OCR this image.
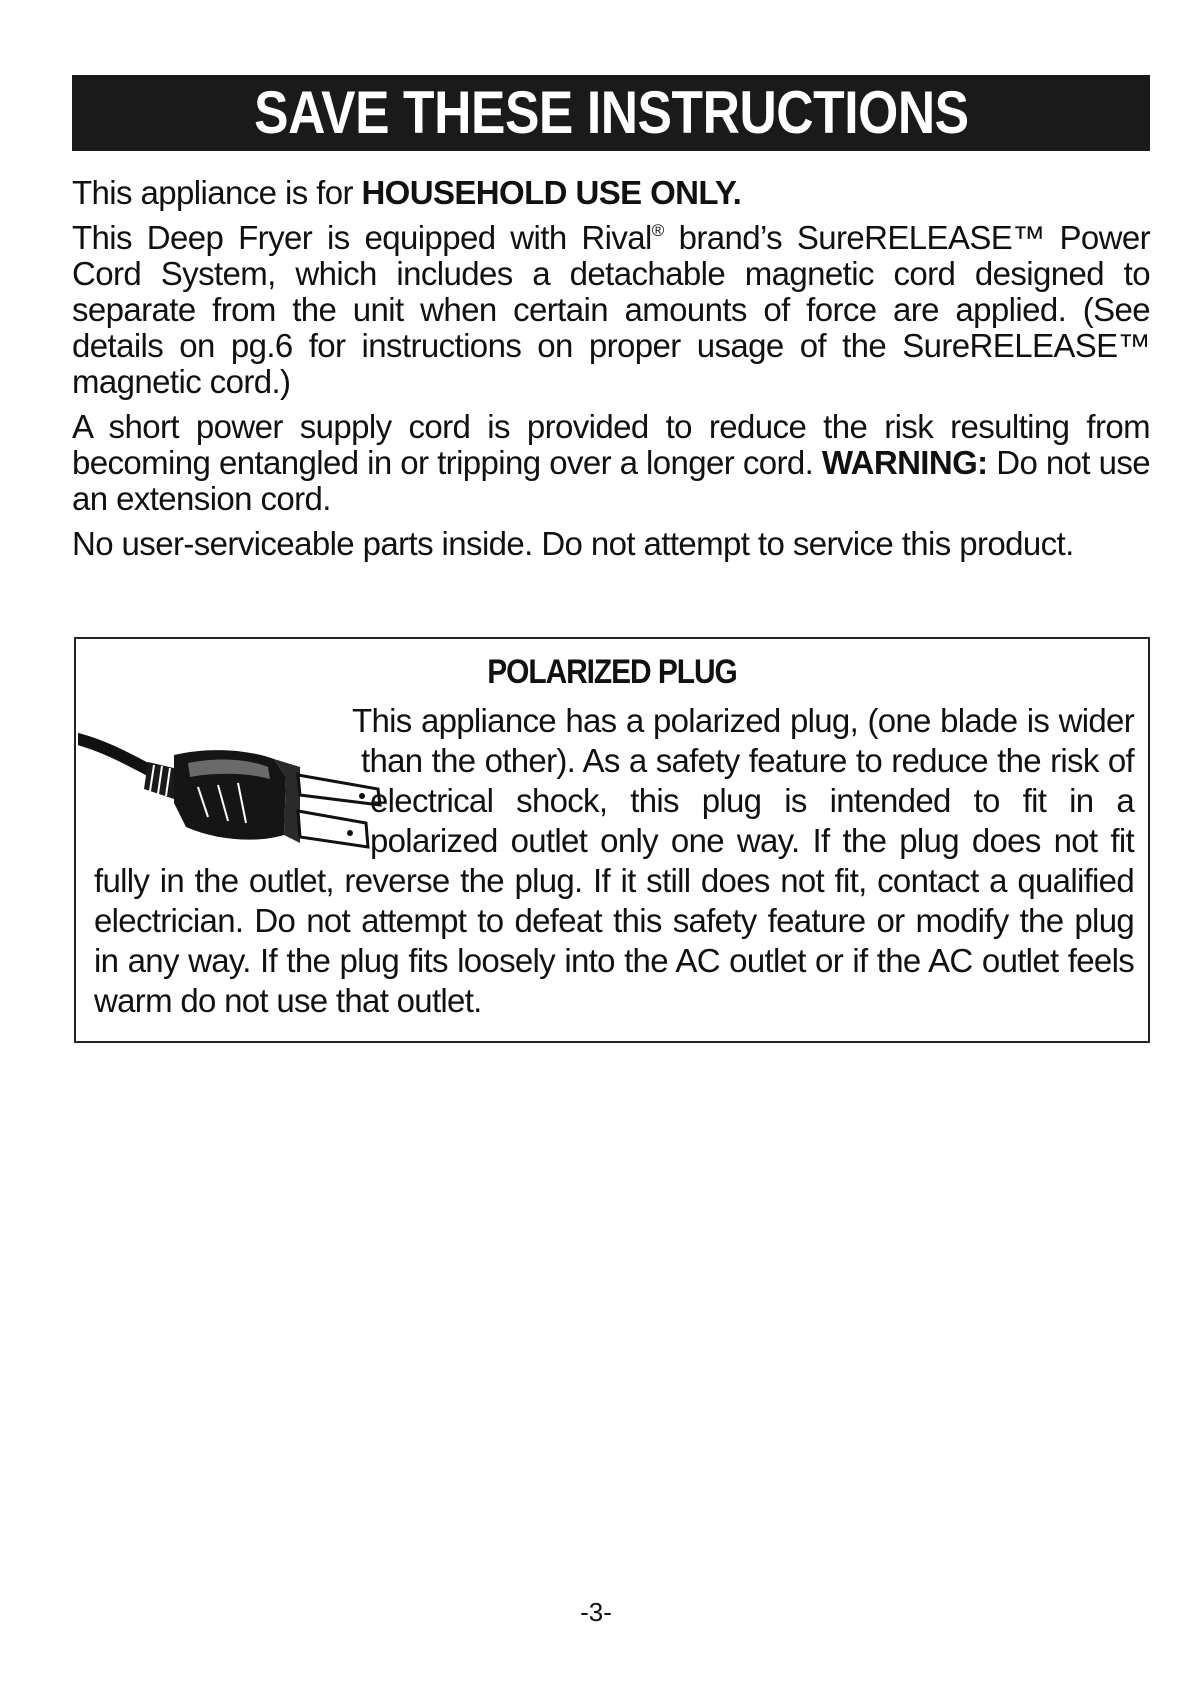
SAVE THESE INSTRUCTIONS

This appliance is for HOUSEHOLD USE ONLY.

This Deep Fryer is equipped with Rival® brand’s SureRELEASE™ Power Cord System, which includes a detachable magnetic cord designed to separate from the unit when certain amounts of force are applied. (See details on pg.6 for instructions on proper usage of the SureRELEASE™ magnetic cord.)

A short power supply cord is provided to reduce the risk resulting from becoming entangled in or tripping over a longer cord. WARNING: Do not use an extension cord.

No user-serviceable parts inside. Do not attempt to service this product.

POLARIZED PLUG
This appliance has a polarized plug, (one blade is wider than the other). As a safety feature to reduce the risk of electrical shock, this plug is intended to fit in a polarized outlet only one way. If the plug does not fit fully in the outlet, reverse the plug. If it still does not fit, contact a qualified electrician. Do not attempt to defeat this safety feature or modify the plug in any way. If the plug fits loosely into the AC outlet or if the AC outlet feels warm do not use that outlet.
-3-
